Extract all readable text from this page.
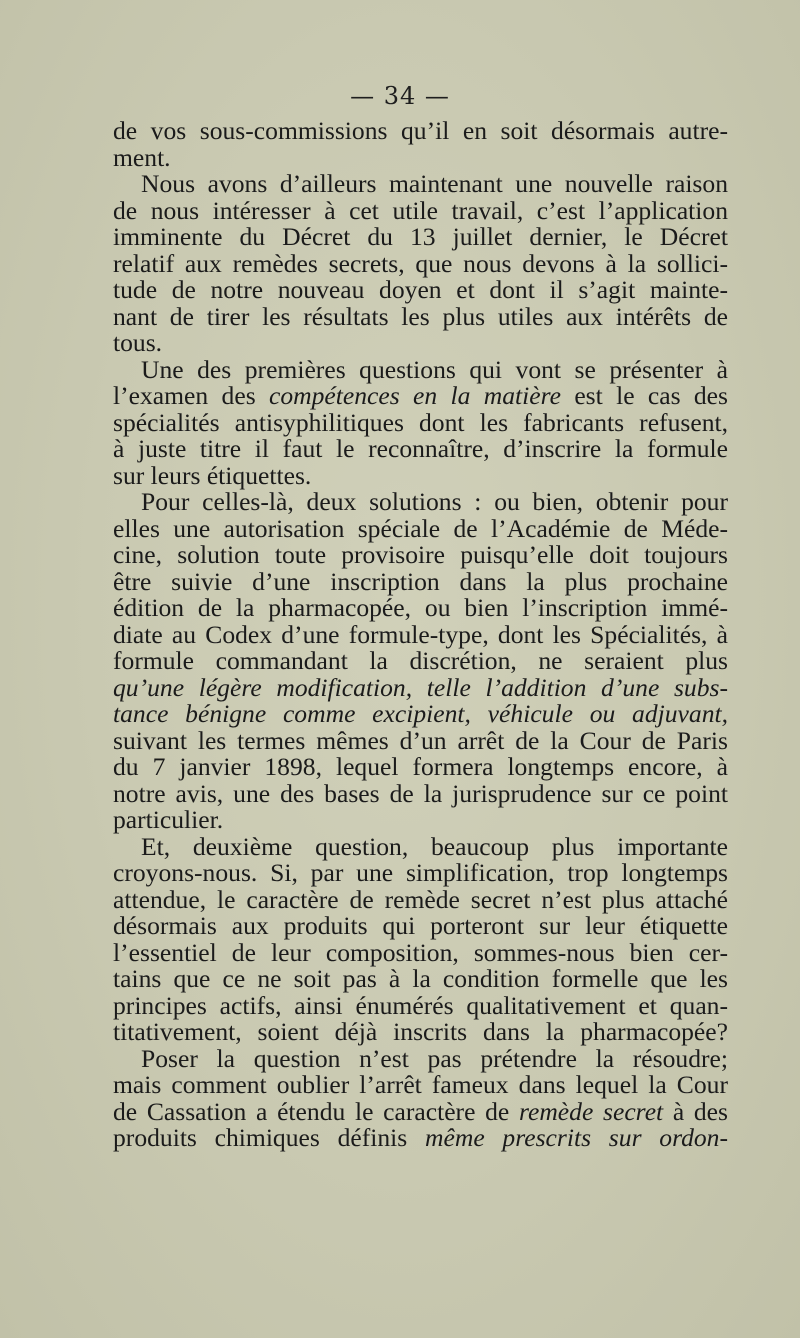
— 34 —
de vos sous-commissions qu’il en soit désormais autre-
ment.
Nous avons d’ailleurs maintenant une nouvelle raison
de nous intéresser à cet utile travail, c’est l’application
imminente du Décret du 13 juillet dernier, le Décret
relatif aux remèdes secrets, que nous devons à la sollici-
tude de notre nouveau doyen et dont il s’agit mainte-
nant de tirer les résultats les plus utiles aux intérêts de
tous.
Une des premières questions qui vont se présenter à
l’examen des compétences en la matière est le cas des
spécialités antisyphilitiques dont les fabricants refusent,
à juste titre il faut le reconnaître, d’inscrire la formule
sur leurs étiquettes.
Pour celles-là, deux solutions : ou bien, obtenir pour
elles une autorisation spéciale de l’Académie de Méde-
cine, solution toute provisoire puisqu’elle doit toujours
être suivie d’une inscription dans la plus prochaine
édition de la pharmacopée, ou bien l’inscription immé-
diate au Codex d’une formule-type, dont les Spécialités, à
formule commandant la discrétion, ne seraient plus
qu’une légère modification, telle l’addition d’une subs-
tance bénigne comme excipient, véhicule ou adjuvant,
suivant les termes mêmes d’un arrêt de la Cour de Paris
du 7 janvier 1898, lequel formera longtemps encore, à
notre avis, une des bases de la jurisprudence sur ce point
particulier.
Et, deuxième question, beaucoup plus importante
croyons-nous. Si, par une simplification, trop longtemps
attendue, le caractère de remède secret n’est plus attaché
désormais aux produits qui porteront sur leur étiquette
l’essentiel de leur composition, sommes-nous bien cer-
tains que ce ne soit pas à la condition formelle que les
principes actifs, ainsi énumérés qualitativement et quan-
titativement, soient déjà inscrits dans la pharmacopée?
Poser la question n’est pas prétendre la résoudre;
mais comment oublier l’arrêt fameux dans lequel la Cour
de Cassation a étendu le caractère de remède secret à des
produits chimiques définis même prescrits sur ordon-
